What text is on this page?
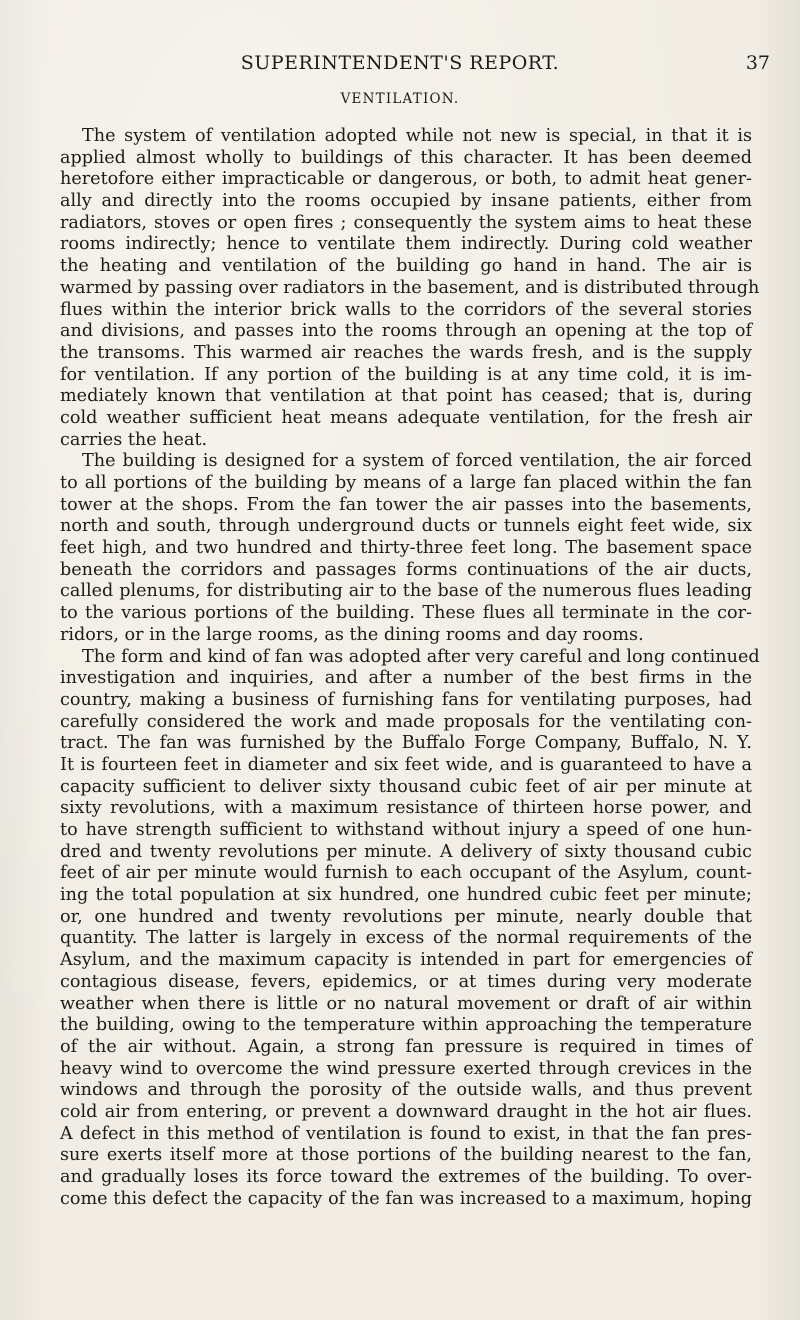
SUPERINTENDENT'S REPORT.	37
VENTILATION.
The system of ventilation adopted while not new is special, in that it is
applied almost wholly to buildings of this character. It has been deemed
heretofore either impracticable or dangerous, or both, to admit heat gener-
ally and directly into the rooms occupied by insane patients, either from
radiators, stoves or open fires ; consequently the system aims to heat these
rooms indirectly; hence to ventilate them indirectly. During cold weather
the heating and ventilation of the building go hand in hand. The air is
warmed by passing over radiators in the basement, and is distributed through
flues within the interior brick walls to the corridors of the several stories
and divisions, and passes into the rooms through an opening at the top of
the transoms. This warmed air reaches the wards fresh, and is the supply
for ventilation. If any portion of the building is at any time cold, it is im-
mediately known that ventilation at that point has ceased; that is, during
cold weather sufficient heat means adequate ventilation, for the fresh air
carries the heat.
The building is designed for a system of forced ventilation, the air forced
to all portions of the building by means of a large fan placed within the fan
tower at the shops. From the fan tower the air passes into the basements,
north and south, through underground ducts or tunnels eight feet wide, six
feet high, and two hundred and thirty-three feet long. The basement space
beneath the corridors and passages forms continuations of the air ducts,
called plenums, for distributing air to the base of the numerous flues leading
to the various portions of the building. These flues all terminate in the cor-
ridors, or in the large rooms, as the dining rooms and day rooms.
The form and kind of fan was adopted after very careful and long continued
investigation and inquiries, and after a number of the best firms in the
country, making a business of furnishing fans for ventilating purposes, had
carefully considered the work and made proposals for the ventilating con-
tract. The fan was furnished by the Buffalo Forge Company, Buffalo, N. Y.
It is fourteen feet in diameter and six feet wide, and is guaranteed to have a
capacity sufficient to deliver sixty thousand cubic feet of air per minute at
sixty revolutions, with a maximum resistance of thirteen horse power, and
to have strength sufficient to withstand without injury a speed of one hun-
dred and twenty revolutions per minute. A delivery of sixty thousand cubic
feet of air per minute would furnish to each occupant of the Asylum, count-
ing the total population at six hundred, one hundred cubic feet per minute;
or, one hundred and twenty revolutions per minute, nearly double that
quantity. The latter is largely in excess of the normal requirements of the
Asylum, and the maximum capacity is intended in part for emergencies of
contagious disease, fevers, epidemics, or at times during very moderate
weather when there is little or no natural movement or draft of air within
the building, owing to the temperature within approaching the temperature
of the air without. Again, a strong fan pressure is required in times of
heavy wind to overcome the wind pressure exerted through crevices in the
windows and through the porosity of the outside walls, and thus prevent
cold air from entering, or prevent a downward draught in the hot air flues.
A defect in this method of ventilation is found to exist, in that the fan pres-
sure exerts itself more at those portions of the building nearest to the fan,
and gradually loses its force toward the extremes of the building. To over-
come this defect the capacity of the fan was increased to a maximum, hoping
